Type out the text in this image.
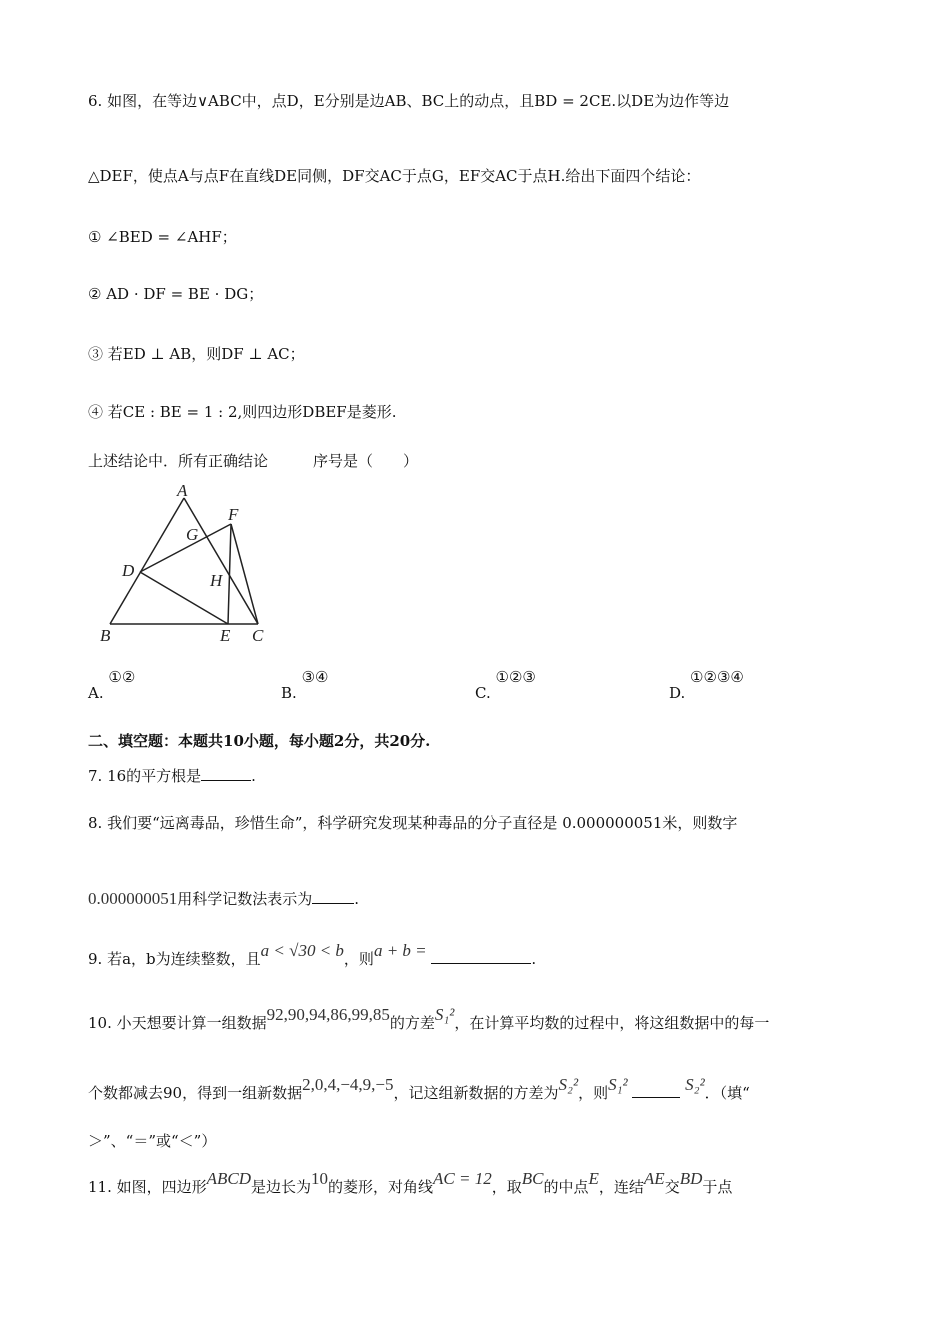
6. 如图，在等边∨ABC中，点D，E分别是边AB、BC上的动点，且BD = 2CE.以DE为边作等边
△DEF，使点A与点F在直线DE同侧，DF交AC于点G，EF交AC于点H.给出下面四个结论：
① ∠BED = ∠AHF；
② AD · DF = BE · DG；
③ 若ED ⊥ AB，则DF ⊥ AC；
④ 若CE : BE = 1 : 2,则四边形DBEF是菱形.
上述结论中．所有正确结论　　　序号是（　　）
A
B	C
D
E
F
G
H
A. ①②
B. ③④
C. ①②③
D. ①②③④
二、填空题：本题共10小题，每小题2分，共20分.
7. 16的平方根是	.
8. 我们要“远离毒品，珍惜生命”，科学研究发现某种毒品的分子直径是 0.000000051米，则数字
0.000000051用科学记数法表示为	.
9. 若a，b为连续整数，且a < √30 < b，则a + b =	.
10. 小天想要计算一组数据92,90,94,86,99,85的方差S₁²，在计算平均数的过程中，将这组数据中的每一
个数都减去90，得到一组新数据2,0,4,−4,9,−5，记这组新数据的方差为S₂²，则S₁²	S₂²．（填“
＞”、“＝”或“＜”）
11. 如图，四边形ABCD是边长为10的菱形，对角线AC = 12，取BC的中点E，连结AE交BD于点
